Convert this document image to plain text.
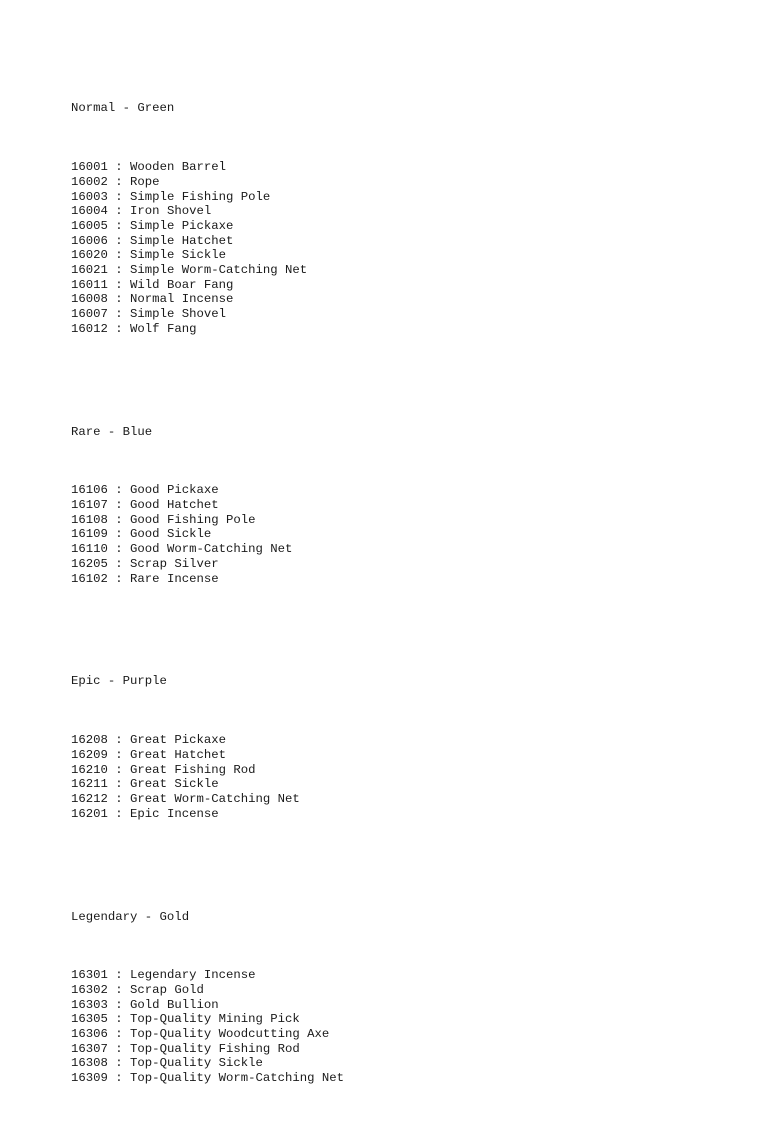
Normal - Green

16001 : Wooden Barrel
16002 : Rope
16003 : Simple Fishing Pole
16004 : Iron Shovel
16005 : Simple Pickaxe
16006 : Simple Hatchet
16020 : Simple Sickle
16021 : Simple Worm-Catching Net
16011 : Wild Boar Fang
16008 : Normal Incense
16007 : Simple Shovel
16012 : Wolf Fang

Rare - Blue

16106 : Good Pickaxe
16107 : Good Hatchet
16108 : Good Fishing Pole
16109 : Good Sickle
16110 : Good Worm-Catching Net
16205 : Scrap Silver
16102 : Rare Incense

Epic - Purple

16208 : Great Pickaxe
16209 : Great Hatchet
16210 : Great Fishing Rod
16211 : Great Sickle
16212 : Great Worm-Catching Net
16201 : Epic Incense

Legendary - Gold

16301 : Legendary Incense
16302 : Scrap Gold
16303 : Gold Bullion
16305 : Top-Quality Mining Pick
16306 : Top-Quality Woodcutting Axe
16307 : Top-Quality Fishing Rod
16308 : Top-Quality Sickle
16309 : Top-Quality Worm-Catching Net
